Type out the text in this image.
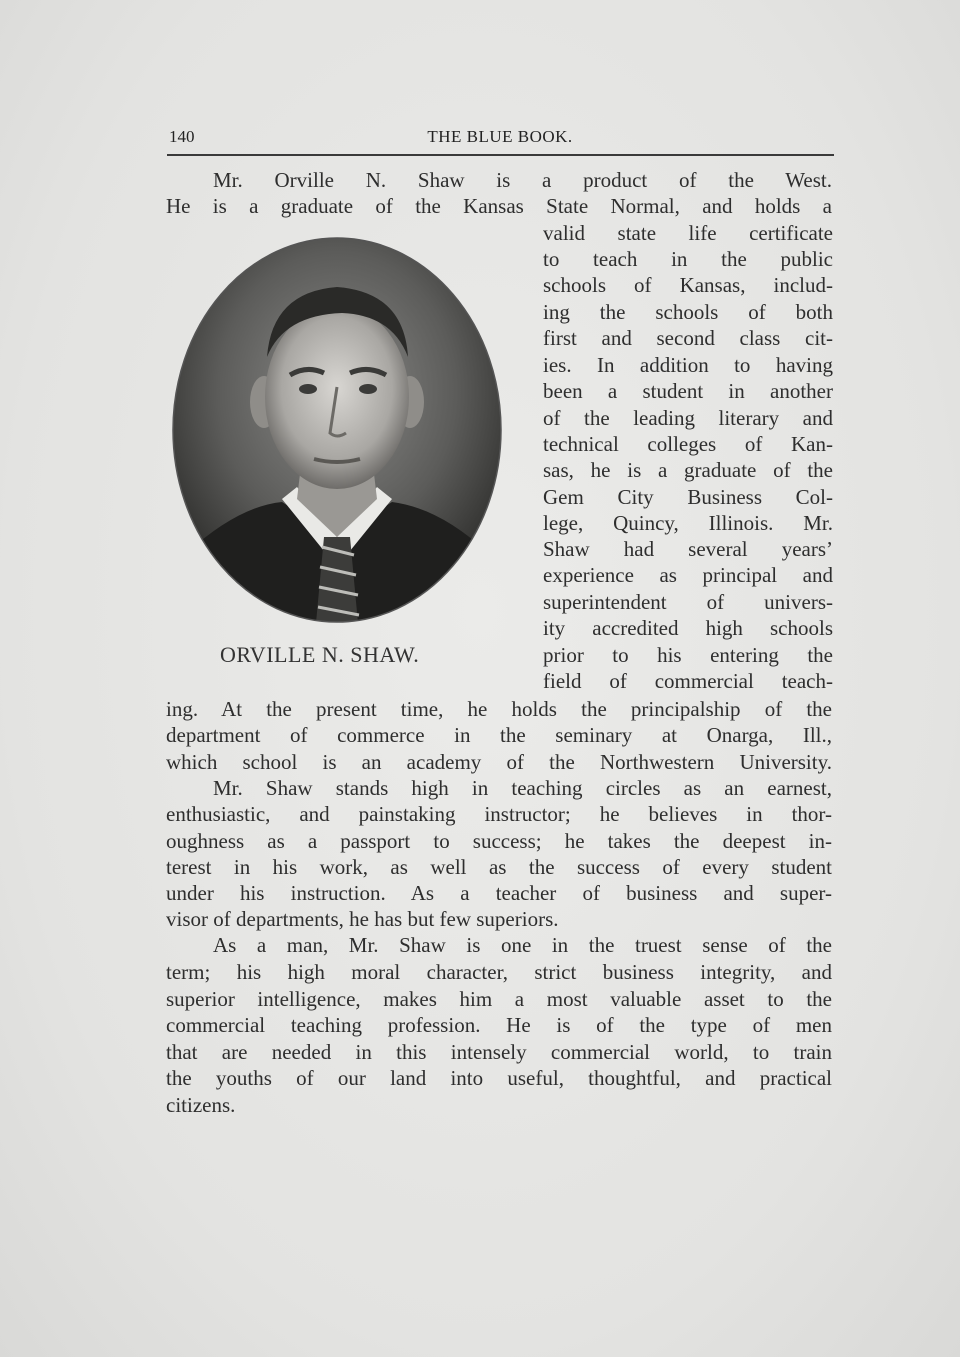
140	THE BLUE BOOK.
Mr. Orville N. Shaw is a product of the West.
He is a graduate of the Kansas State Normal, and holds a
valid state life certificate
to teach in the public
schools of Kansas, includ-
ing the schools of both
first and second class cit-
ies. In addition to having
been a student in another
of the leading literary and
technical colleges of Kan-
sas, he is a graduate of the
Gem City Business Col-
lege, Quincy, Illinois. Mr.
Shaw had several years’
experience as principal and
superintendent of univers-
ity accredited high schools
prior to his entering the
field of commercial teach-
ORVILLE N. SHAW.
ing. At the present time, he holds the principalship of the
department of commerce in the seminary at Onarga, Ill.,
which school is an academy of the Northwestern University.
Mr. Shaw stands high in teaching circles as an earnest,
enthusiastic, and painstaking instructor; he believes in thor-
oughness as a passport to success; he takes the deepest in-
terest in his work, as well as the success of every student
under his instruction. As a teacher of business and super-
visor of departments, he has but few superiors.
As a man, Mr. Shaw is one in the truest sense of the
term; his high moral character, strict business integrity, and
superior intelligence, makes him a most valuable asset to the
commercial teaching profession. He is of the type of men
that are needed in this intensely commercial world, to train
the youths of our land into useful, thoughtful, and practical
citizens.
